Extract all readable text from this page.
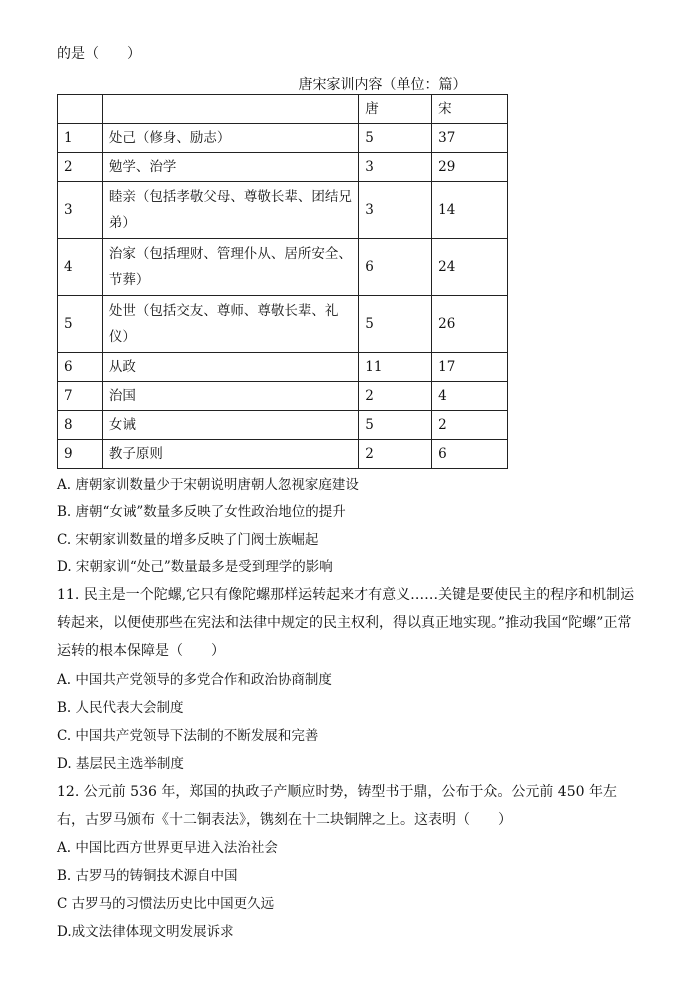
的是（　　）
唐宋家训内容（单位：篇）
		唐	宋
1	处己（修身、励志）	5	37
2	勉学、治学	3	29
3	睦亲（包括孝敬父母、尊敬长辈、团结兄弟）	3	14
4	治家（包括理财、管理仆从、居所安全、节葬）	6	24
5	处世（包括交友、尊师、尊敬长辈、礼仪）	5	26
6	从政	11	17
7	治国	2	4
8	女诫	5	2
9	教子原则	2	6
A. 唐朝家训数量少于宋朝说明唐朝人忽视家庭建设
B. 唐朝“女诫”数量多反映了女性政治地位的提升
C. 宋朝家训数量的增多反映了门阀士族崛起
D. 宋朝家训“处己”数量最多是受到理学的影响
11. 民主是一个陀螺,它只有像陀螺那样运转起来才有意义……关键是要使民主的程序和机制运转起来，以便使那些在宪法和法律中规定的民主权利，得以真正地实现。”推动我国“陀螺”正常运转的根本保障是（　　）
A. 中国共产党领导的多党合作和政治协商制度
B. 人民代表大会制度
C. 中国共产党领导下法制的不断发展和完善
D. 基层民主选举制度
12. 公元前 536 年，郑国的执政子产顺应时势，铸型书于鼎，公布于众。公元前 450 年左右，古罗马颁布《十二铜表法》，镌刻在十二块铜牌之上。这表明（　　）
A. 中国比西方世界更早进入法治社会
B. 古罗马的铸铜技术源自中国
C 古罗马的习惯法历史比中国更久远
D.成文法律体现文明发展诉求
